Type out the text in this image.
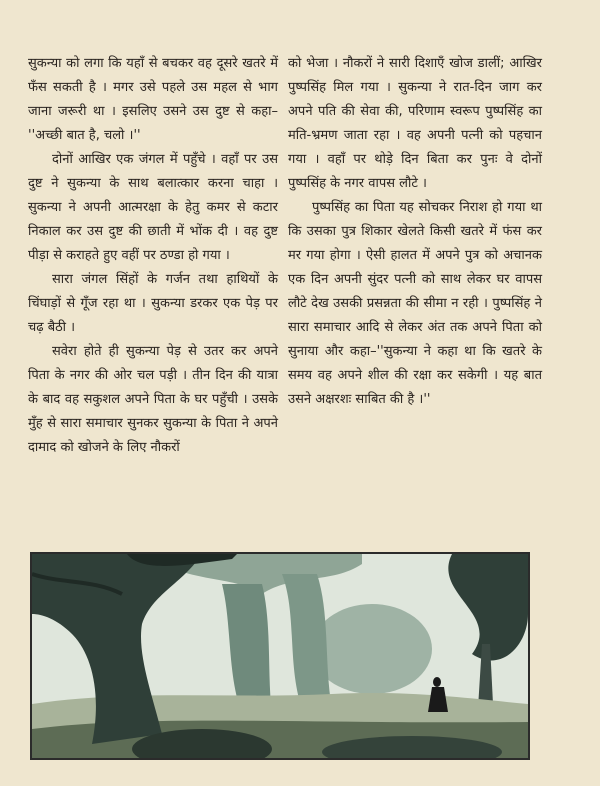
सुकन्या को लगा कि यहाँ से बचकर वह दूसरे खतरे में फँस सकती है । मगर उसे पहले उस महल से भाग जाना जरूरी था । इसलिए उसने उस दुष्ट से कहा– ''अच्छी बात है, चलो ।''

दोनों आखिर एक जंगल में पहुँचे । वहाँ पर उस दुष्ट ने सुकन्या के साथ बलात्कार करना चाहा । सुकन्या ने अपनी आत्मरक्षा के हेतु कमर से कटार निकाल कर उस दुष्ट की छाती में भोंक दी । वह दुष्ट पीड़ा से कराहते हुए वहीं पर ठण्डा हो गया ।

सारा जंगल सिंहों के गर्जन तथा हाथियों के चिंघाड़ों से गूँज रहा था । सुकन्या डरकर एक पेड़ पर चढ़ बैठी ।

सवेरा होते ही सुकन्या पेड़ से उतर कर अपने पिता के नगर की ओर चल पड़ी । तीन दिन की यात्रा के बाद वह सकुशल अपने पिता के घर पहुँची । उसके मुँह से सारा समाचार सुनकर सुकन्या के पिता ने अपने दामाद को खोजने के लिए नौकरों

को भेजा । नौकरों ने सारी दिशाएँ खोज डालीं; आखिर पुष्पसिंह मिल गया । सुकन्या ने रात-दिन जाग कर अपने पति की सेवा की, परिणाम स्वरूप पुष्पसिंह का मति-भ्रमण जाता रहा । वह अपनी पत्नी को पहचान गया । वहाँ पर थोड़े दिन बिता कर पुनः वे दोनों पुष्पसिंह के नगर वापस लौटे ।

पुष्पसिंह का पिता यह सोचकर निराश हो गया था कि उसका पुत्र शिकार खेलते किसी खतरे में फंस कर मर गया होगा । ऐसी हालत में अपने पुत्र को अचानक एक दिन अपनी सुंदर पत्नी को साथ लेकर घर वापस लौटे देख उसकी प्रसन्नता की सीमा न रही । पुष्पसिंह ने सारा समाचार आदि से लेकर अंत तक अपने पिता को सुनाया और कहा–''सुकन्या ने कहा था कि खतरे के समय वह अपने शील की रक्षा कर सकेगी । यह बात उसने अक्षरशः साबित की है ।''
